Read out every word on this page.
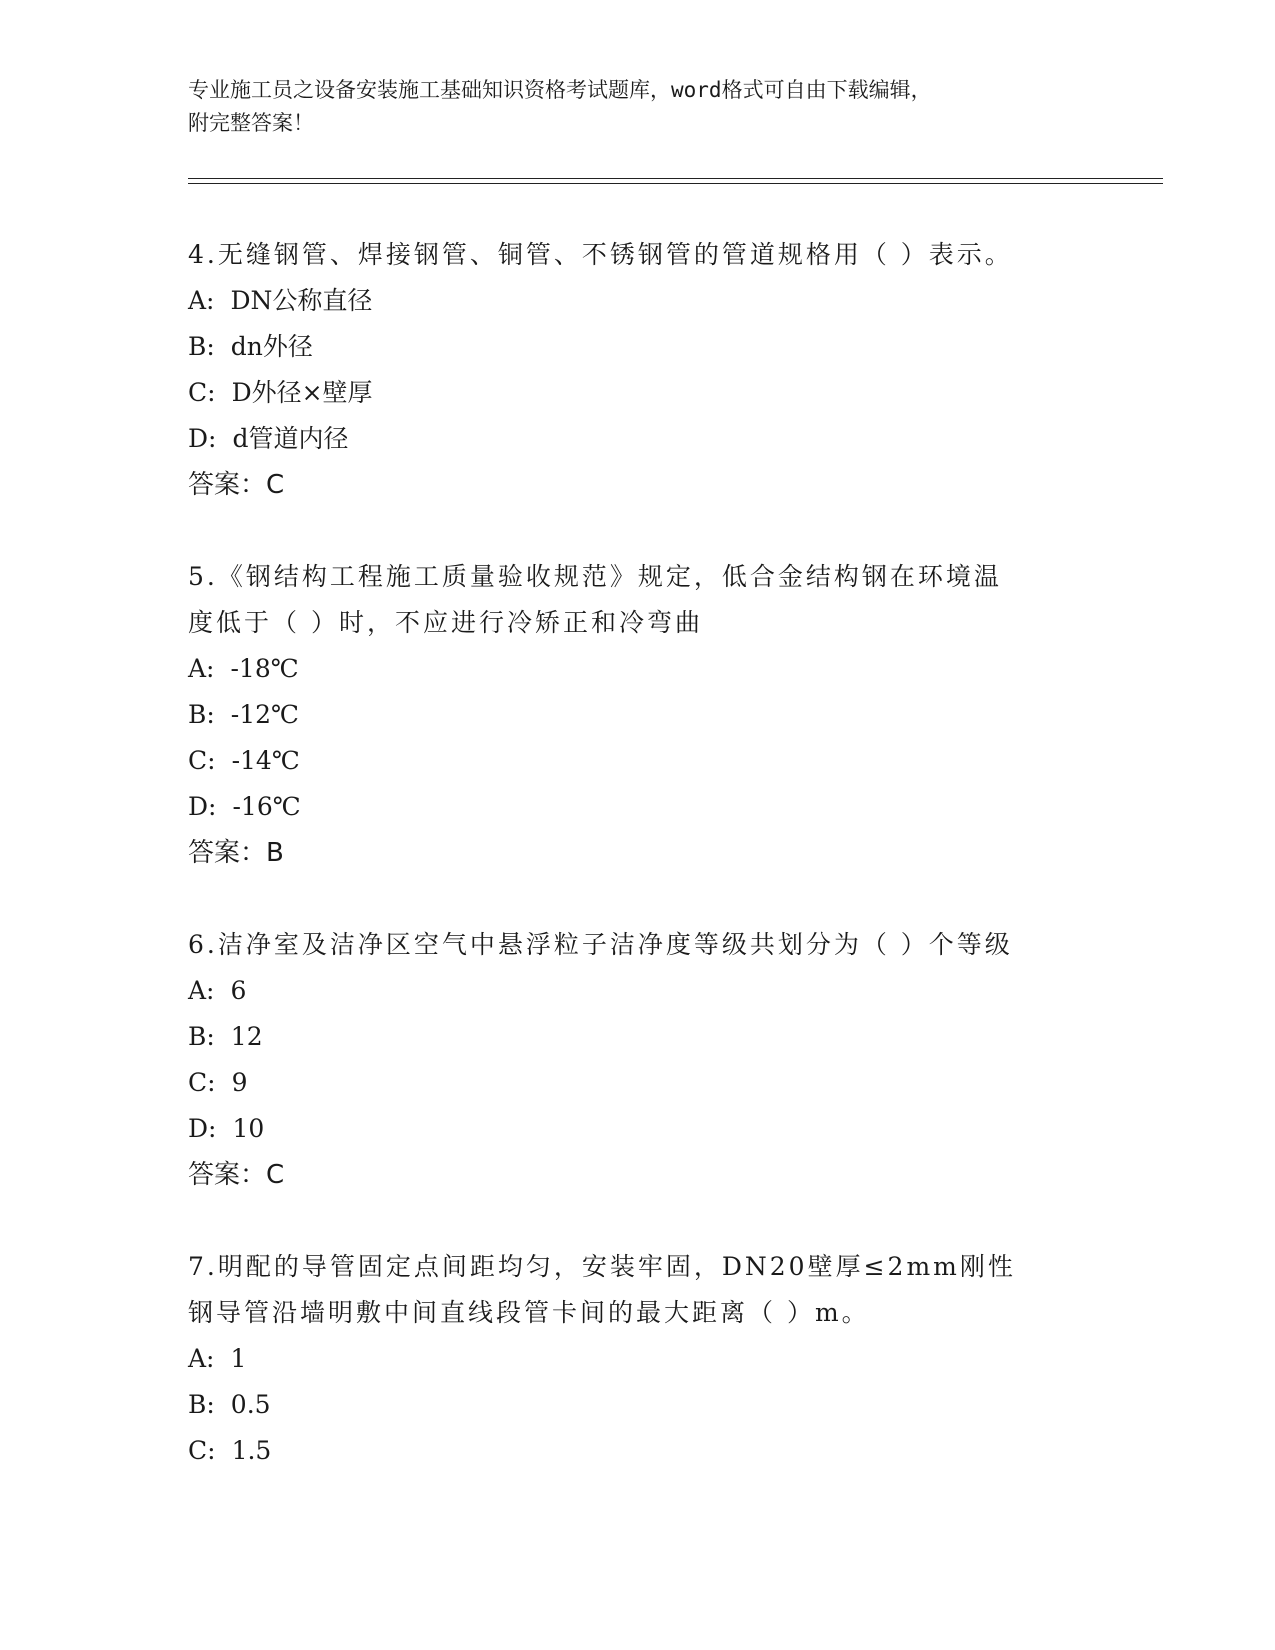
专业施工员之设备安装施工基础知识资格考试题库，word格式可自由下载编辑，
附完整答案！
4.无缝钢管、焊接钢管、铜管、不锈钢管的管道规格用（ ）表示。
A: DN公称直径
B: dn外径
C: D外径×壁厚
D: d管道内径
答案：C
5.《钢结构工程施工质量验收规范》规定，低合金结构钢在环境温度低于（ ）时，不应进行冷矫正和冷弯曲
A: -18℃
B: -12℃
C: -14℃
D: -16℃
答案：B
6.洁净室及洁净区空气中悬浮粒子洁净度等级共划分为（ ）个等级
A: 6
B: 12
C: 9
D: 10
答案：C
7.明配的导管固定点间距均匀，安装牢固，DN20壁厚≤2mm刚性钢导管沿墙明敷中间直线段管卡间的最大距离（ ）m。
A: 1
B: 0.5
C: 1.5
